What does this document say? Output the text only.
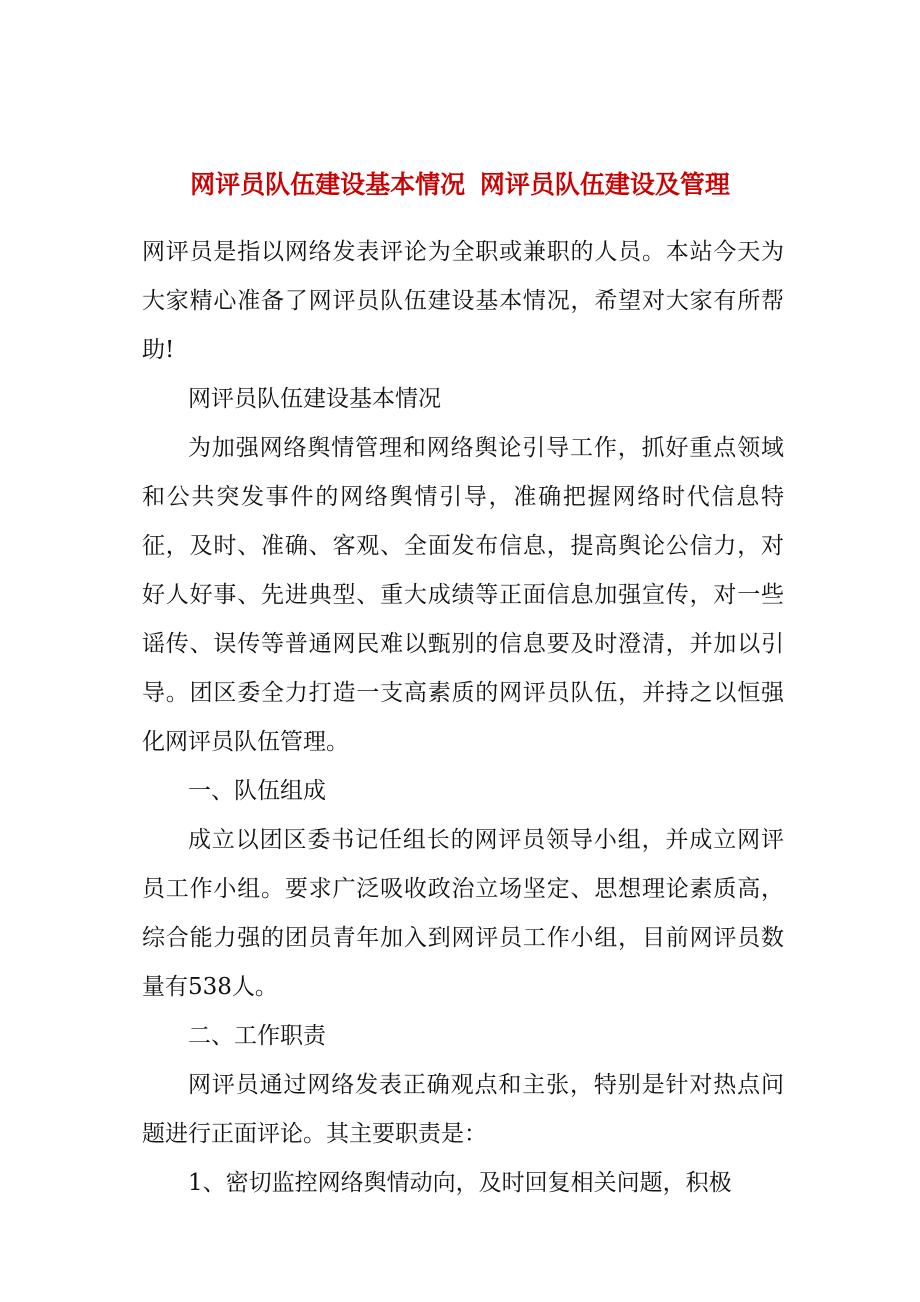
网评员队伍建设基本情况 网评员队伍建设及管理

网评员是指以网络发表评论为全职或兼职的人员。本站今天为大家精心准备了网评员队伍建设基本情况，希望对大家有所帮助!

网评员队伍建设基本情况

为加强网络舆情管理和网络舆论引导工作，抓好重点领域和公共突发事件的网络舆情引导，准确把握网络时代信息特征，及时、准确、客观、全面发布信息，提高舆论公信力，对好人好事、先进典型、重大成绩等正面信息加强宣传，对一些谣传、误传等普通网民难以甄别的信息要及时澄清，并加以引导。团区委全力打造一支高素质的网评员队伍，并持之以恒强化网评员队伍管理。

一、队伍组成

成立以团区委书记任组长的网评员领导小组，并成立网评员工作小组。要求广泛吸收政治立场坚定、思想理论素质高，综合能力强的团员青年加入到网评员工作小组，目前网评员数量有538人。

二、工作职责

网评员通过网络发表正确观点和主张，特别是针对热点问题进行正面评论。其主要职责是：

1、密切监控网络舆情动向，及时回复相关问题，积极
